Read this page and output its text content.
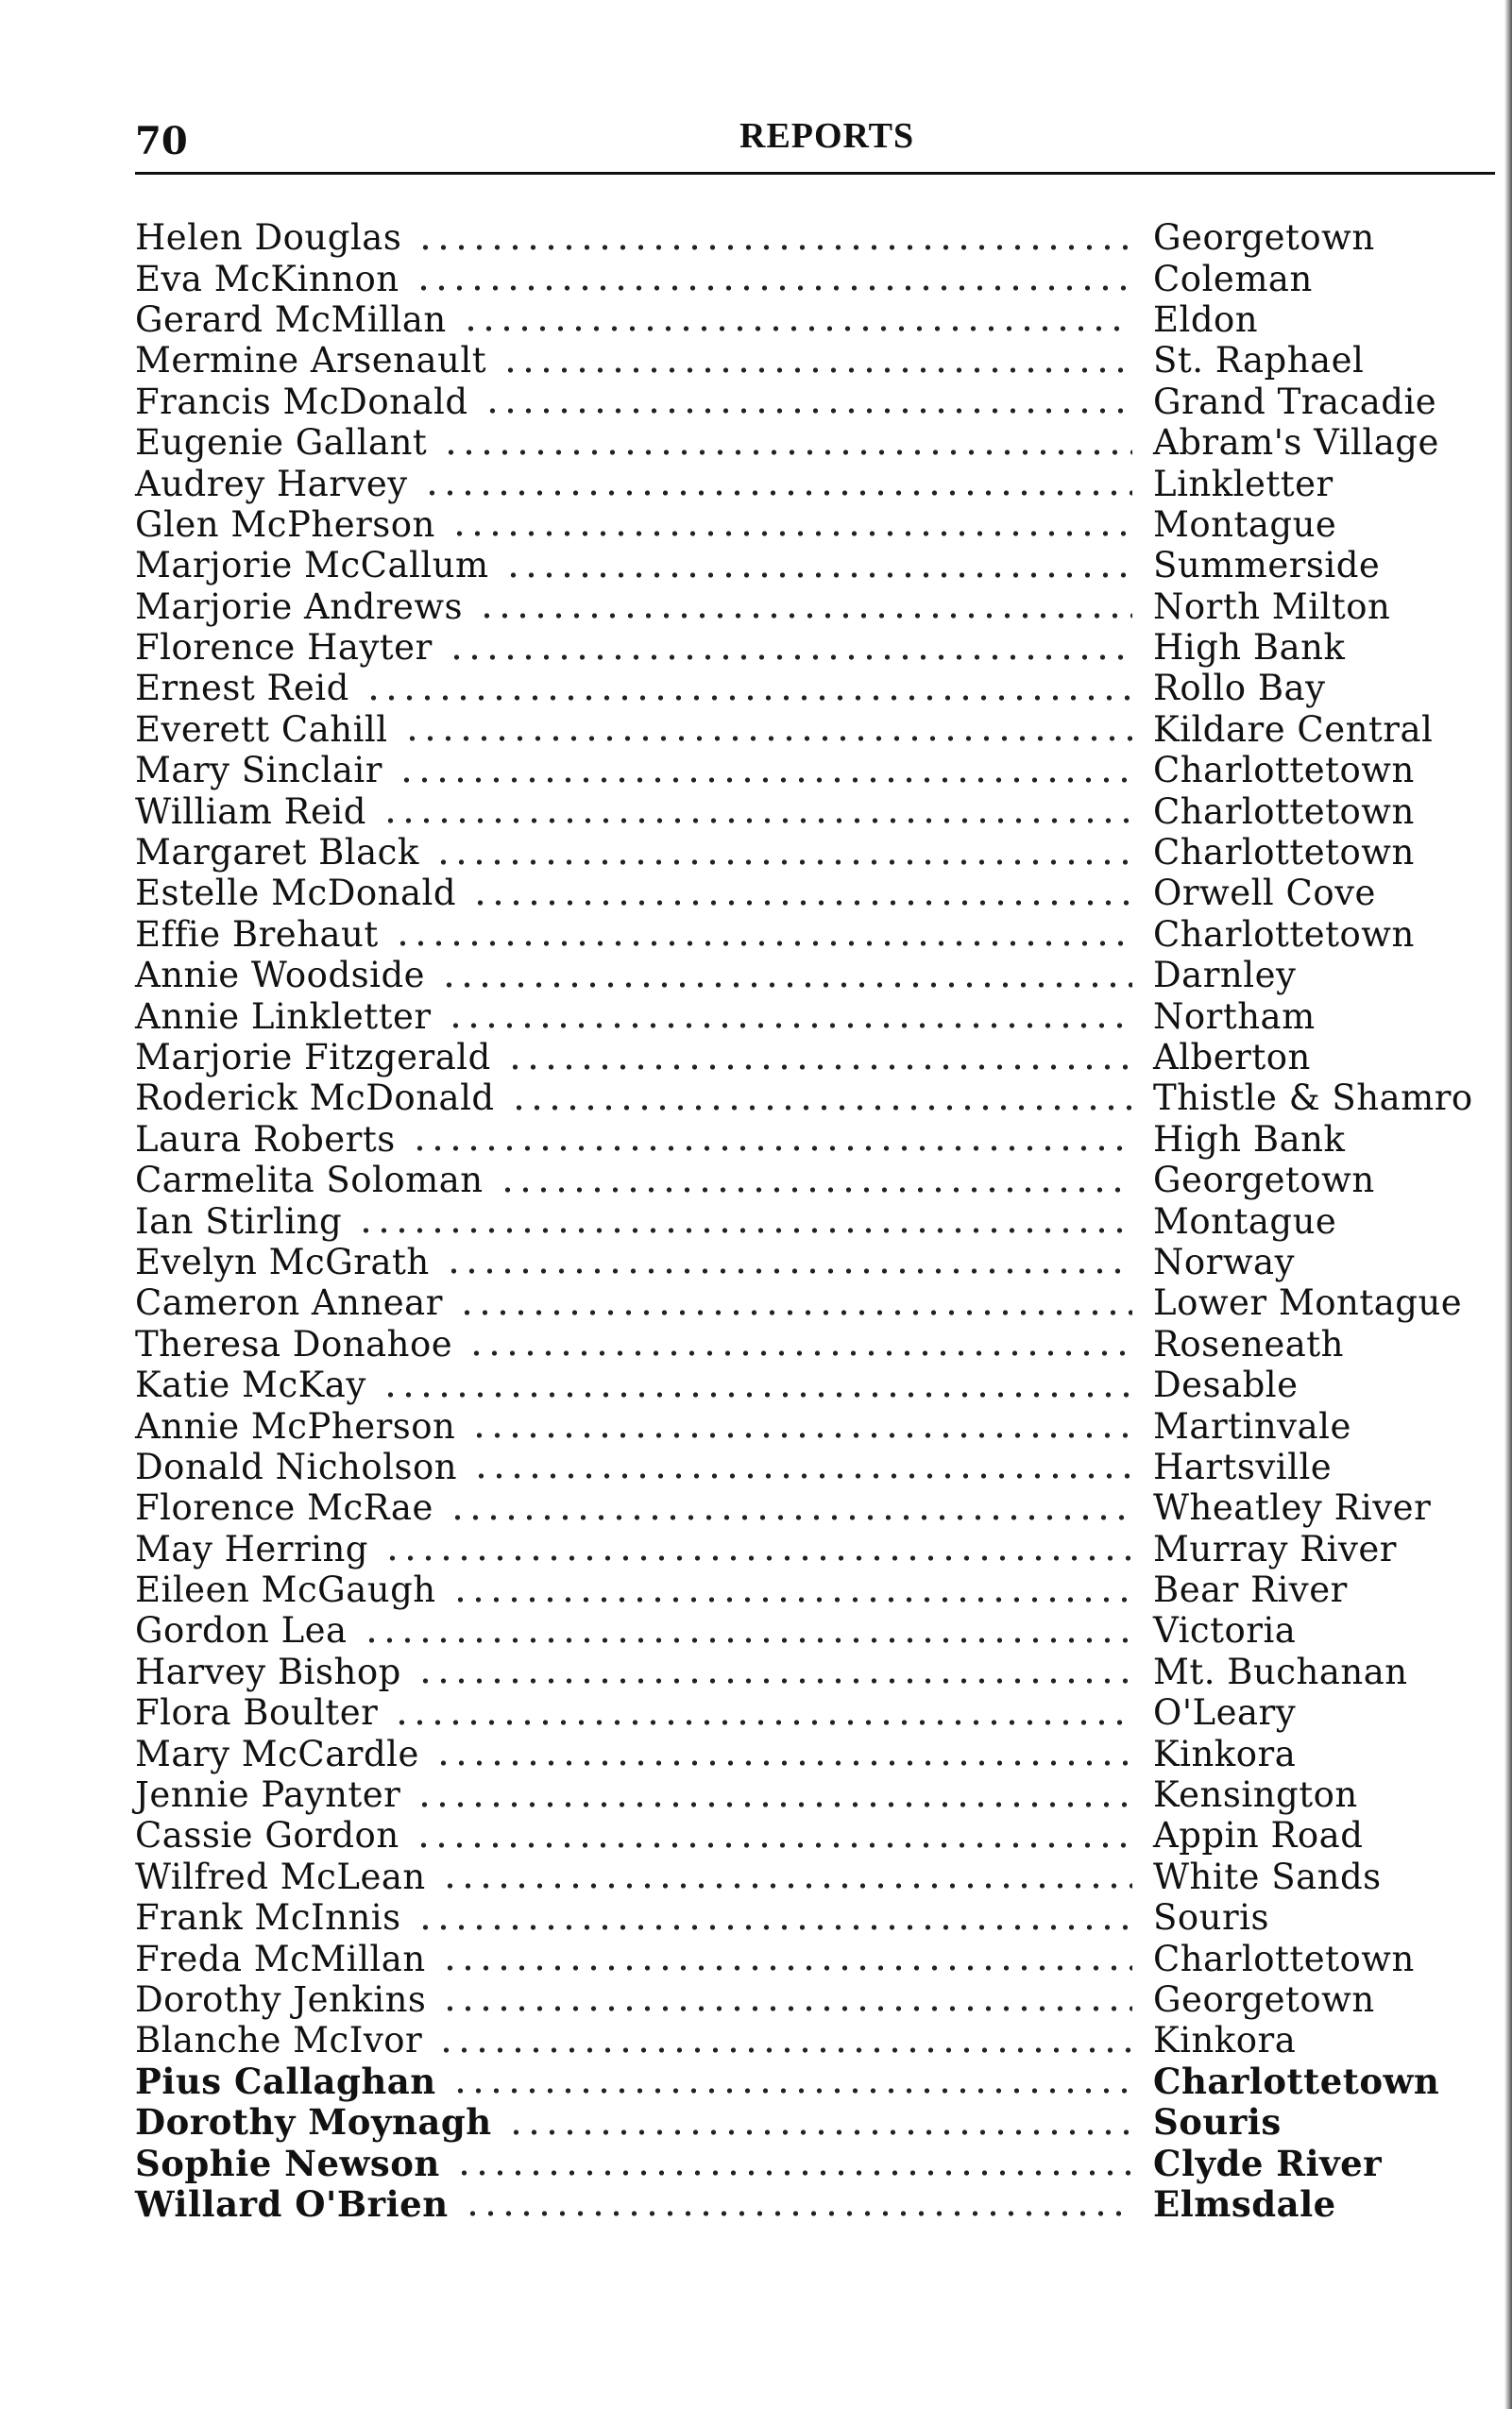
70	REPORTS
Helen Douglas	Georgetown
Eva McKinnon	Coleman
Gerard McMillan	Eldon
Mermine Arsenault	St. Raphael
Francis McDonald	Grand Tracadie
Eugenie Gallant	Abram's Village
Audrey Harvey	Linkletter
Glen McPherson	Montague
Marjorie McCallum	Summerside
Marjorie Andrews	North Milton
Florence Hayter	High Bank
Ernest Reid	Rollo Bay
Everett Cahill	Kildare Central
Mary Sinclair	Charlottetown
William Reid	Charlottetown
Margaret Black	Charlottetown
Estelle McDonald	Orwell Cove
Effie Brehaut	Charlottetown
Annie Woodside	Darnley
Annie Linkletter	Northam
Marjorie Fitzgerald	Alberton
Roderick McDonald	Thistle & Shamro
Laura Roberts	High Bank
Carmelita Soloman	Georgetown
Ian Stirling	Montague
Evelyn McGrath	Norway
Cameron Annear	Lower Montague
Theresa Donahoe	Roseneath
Katie McKay	Desable
Annie McPherson	Martinvale
Donald Nicholson	Hartsville
Florence McRae	Wheatley River
May Herring	Murray River
Eileen McGaugh	Bear River
Gordon Lea	Victoria
Harvey Bishop	Mt. Buchanan
Flora Boulter	O'Leary
Mary McCardle	Kinkora
Jennie Paynter	Kensington
Cassie Gordon	Appin Road
Wilfred McLean	White Sands
Frank McInnis	Souris
Freda McMillan	Charlottetown
Dorothy Jenkins	Georgetown
Blanche McIvor	Kinkora
Pius Callaghan	Charlottetown
Dorothy Moynagh	Souris
Sophie Newson	Clyde River
Willard O'Brien	Elmsdale
